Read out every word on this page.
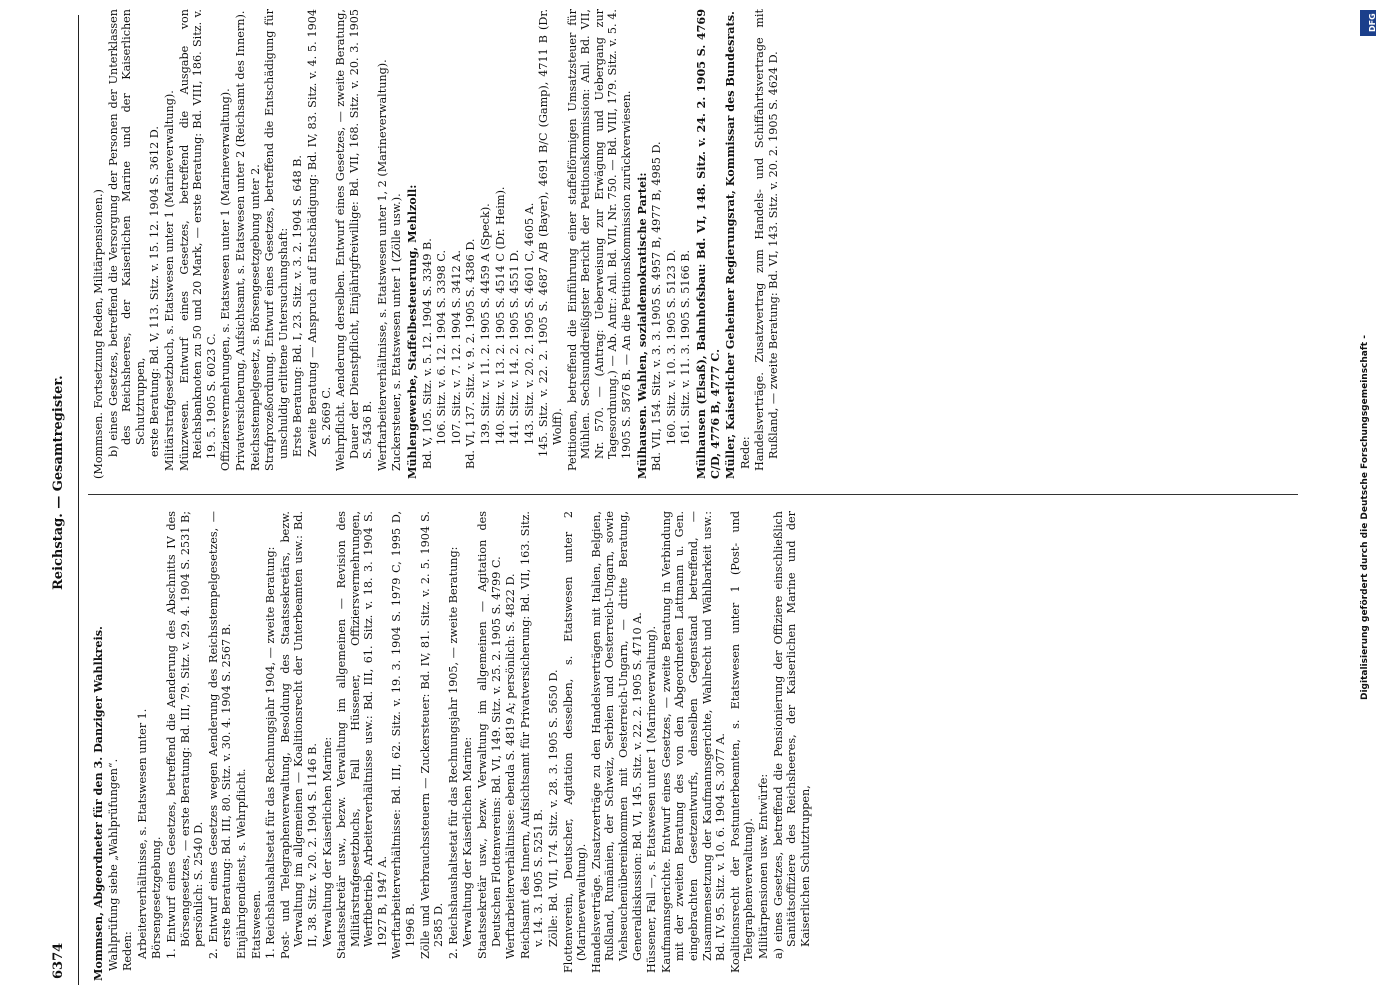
6374
Reichstag. — Gesamtregister.
Mommsen, Abgeordneter für den 3. Danziger Wahlkreis. Wahlprüfung siehe „Wahlprüfungen“. Reden: Arbeiterverhältnisse, s. Etatswesen unter 1. Börsengesetzgebung. 1. Entwurf eines Gesetzes, betreffend die Aenderung des Abschnitts IV des Börsengesetzes, — erste Beratung: Bd. III, 79. Sitz. v. 29. 4. 1904 S. 2531 B; persönlich: S. 2540 D. 2. Entwurf eines Gesetzes wegen Aenderung des Reichsstempelgesetzes, — erste Beratung: Bd. III, 80. Sitz. v. 30. 4. 1904 S. 2567 B. Einjährigendienst, s. Wehrpflicht. Etatswesen. 1. Reichshaushaltsetat für das Rechnungsjahr 1904, — zweite Beratung: Post- und Telegraphenverwaltung, Besoldung des Staatssekretärs, bezw. Verwaltung im allgemeinen — Koalitionsrecht der Unterbeamten usw.: Bd. II, 38. Sitz. v. 20. 2. 1904 S. 1146 B. Verwaltung der Kaiserlichen Marine: Staatssekretär usw., bezw. Verwaltung im allgemeinen — Revision des Militärstrafgesetzbuchs, Fall Hüssener, Offiziersvermehrungen, Werftbetrieb, Arbeiterverhältnisse usw.: Bd. III, 61. Sitz. v. 18. 3. 1904 S. 1927 B, 1947 A. Werftarbeiterverhältnisse: Bd. III, 62. Sitz. v. 19. 3. 1904 S. 1979 C, 1995 D, 1996 B. Zölle und Verbrauchssteuern — Zuckersteuer: Bd. IV, 81. Sitz. v. 2. 5. 1904 S. 2585 D. 2. Reichshaushaltsetat für das Rechnungsjahr 1905, — zweite Beratung: Verwaltung der Kaiserlichen Marine: Staatssekretär usw., bezw. Verwaltung im allgemeinen — Agitation des Deutschen Flottenvereins: Bd. VI, 149. Sitz. v. 25. 2. 1905 S. 4799 C. Werftarbeiterverhältnisse: ebenda S. 4819 A; persönlich: S. 4822 D. Reichsamt des Innern, Aufsichtsamt für Privatversicherung: Bd. VII, 163. Sitz. v. 14. 3. 1905 S. 5251 B. Zölle: Bd. VII, 174. Sitz. v. 28. 3. 1905 S. 5650 D. Flottenverein, Deutscher, Agitation desselben, s. Etatswesen unter 2 (Marineverwaltung). Handelsverträge. Zusatzverträge zu den Handelsverträgen mit Italien, Belgien, Rußland, Rumänien, der Schweiz, Serbien und Oesterreich-Ungarn, sowie Viehseuchenübereinkommen mit Oesterreich-Ungarn, — dritte Beratung, Generaldiskussion: Bd. VI, 145. Sitz. v. 22. 2. 1905 S. 4710 A. Hüssener, Fall —, s. Etatswesen unter 1 (Marineverwaltung). Kaufmannsgerichte. Entwurf eines Gesetzes, — zweite Beratung in Verbindung mit der zweiten Beratung des von den Abgeordneten Lattmann u. Gen. eingebrachten Gesetzentwurfs, denselben Gegenstand betreffend, — Zusammensetzung der Kaufmannsgerichte, Wahlrecht und Wählbarkeit usw.: Bd. IV, 95. Sitz. v. 10. 6. 1904 S. 3077 A. Koalitionsrecht der Postunterbeamten, s. Etatswesen unter 1 (Post- und Telegraphenverwaltung). Militärpensionen usw. Entwürfe: a) eines Gesetzes, betreffend die Pensionierung der Offiziere einschließlich Sanitätsoffiziere des Reichsheeres, der Kaiserlichen Marine und der Kaiserlichen Schutztruppen,
(Mommsen. Fortsetzung Reden, Militärpensionen.) b) eines Gesetzes, betreffend die Versorgung der Personen der Unterklassen des Reichsheeres, der Kaiserlichen Marine und der Kaiserlichen Schutztruppen, erste Beratung: Bd. V, 113. Sitz. v. 15. 12. 1904 S. 3612 D. Militärstrafgesetzbuch, s. Etatswesen unter 1 (Marineverwaltung). Münzwesen. Entwurf eines Gesetzes, betreffend die Ausgabe von Reichsbanknoten zu 50 und 20 Mark, — erste Beratung: Bd. VIII, 186. Sitz. v. 19. 5. 1905 S. 6023 C. Offiziersvermehrungen, s. Etatswesen unter 1 (Marineverwaltung). Privatversicherung, Aufsichtsamt, s. Etatswesen unter 2 (Reichsamt des Innern). Reichsstempelgesetz, s. Börsengesetzgebung unter 2. Strafprozeßordnung. Entwurf eines Gesetzes, betreffend die Entschädigung für unschuldig erlittene Untersuchungshaft: Erste Beratung: Bd. I, 23. Sitz. v. 3. 2. 1904 S. 648 B. Zweite Beratung — Anspruch auf Entschädigung: Bd. IV, 83. Sitz. v. 4. 5. 1904 S. 2669 C. Wehrpflicht. Aenderung derselben. Entwurf eines Gesetzes, — zweite Beratung, Dauer der Dienstpflicht, Einjährigfreiwillige: Bd. VII, 168. Sitz. v. 20. 3. 1905 S. 5436 B. Werftarbeiterverhältnisse, s. Etatswesen unter 1, 2 (Marineverwaltung). Zuckersteuer, s. Etatswesen unter 1 (Zölle usw.). Mühlengewerbe, Staffelbesteuerung, Mehlzoll: Bd. V, 105. Sitz. v. 5. 12. 1904 S. 3349 B. 106. Sitz. v. 6. 12. 1904 S. 3398 C. 107. Sitz. v. 7. 12. 1904 S. 3412 A. Bd. VI, 137. Sitz. v. 9. 2. 1905 S. 4386 D. 139. Sitz. v. 11. 2. 1905 S. 4459 A (Speck). 140. Sitz. v. 13. 2. 1905 S. 4514 C (Dr. Heim). 141. Sitz. v. 14. 2. 1905 S. 4551 D. 143. Sitz. v. 20. 2. 1905 S. 4601 C, 4605 A. 145. Sitz. v. 22. 2. 1905 S. 4687 A/B (Bayer), 4691 B/C (Gamp), 4711 B (Dr. Wolff). Petitionen, betreffend die Einführung einer staffelförmigen Umsatzsteuer für Mühlen. Sechsunddreißigster Bericht der Petitionskommission: Anl. Bd. VII, Nr. 570. — (Antrag: Ueberweisung zur Erwägung und Uebergang zur Tagesordnung.) — Ab. Antr.: Anl. Bd. VII, Nr. 750. — Bd. VIII, 179. Sitz. v. 5. 4. 1905 S. 5876 B. — An die Petitionskommission zurückverwiesen. Mülhausen. Wahlen, sozialdemokratische Partei: Bd. VII, 154. Sitz. v. 3. 3. 1905 S. 4957 B, 4977 B, 4985 D. 160. Sitz. v. 10. 3. 1905 S. 5123 D. 161. Sitz. v. 11. 3. 1905 S. 5166 B. Mülhausen (Elsaß), Bahnhofsbau: Bd. VI, 148. Sitz. v. 24. 2. 1905 S. 4769 C/D, 4776 B, 4777 C. Müller, Kaiserlicher Geheimer Regierungsrat, Kommissar des Bundesrats. Rede: Handelsverträge. Zusatzvertrag zum Handels- und Schiffahrtsvertrage mit Rußland, — zweite Beratung: Bd. VI, 143. Sitz. v. 20. 2. 1905 S. 4624 D.
Digitalisierung gefördert durch die Deutsche Forschungsgemeinschaft -
DFG
